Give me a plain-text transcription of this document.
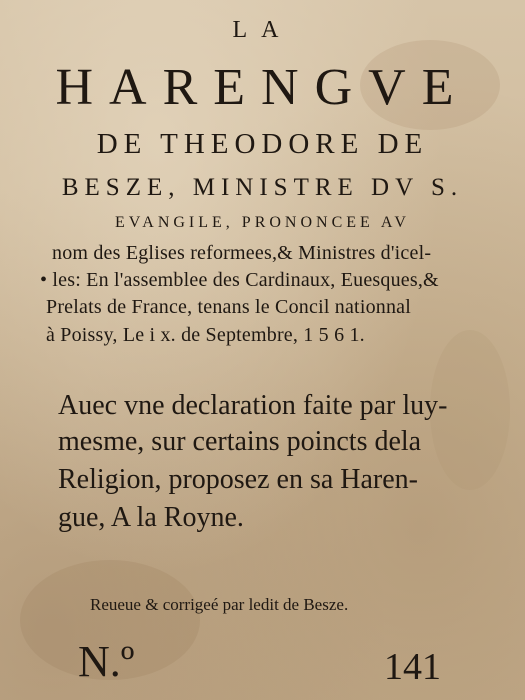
LA
HARENGVE
DE THEODORE DE
BESZE, MINISTRE DV S.
EVANGILE, PRONONCEE AV
nom des Eglises reformees,& Ministres d'icel-
• les: En l'assemblee des Cardinaux, Euesques,&
Prelats de France, tenans le Concil nationnal
à Poissy, Le i x. de Septembre, 1 5 6 1.
Auec vne declaration faite par luy-
mesme, sur certains poincts dela
Religion, proposez en sa Haren-
gue, A la Royne.
Reueue & corrigeé par ledit de Besze.
N.º	141
